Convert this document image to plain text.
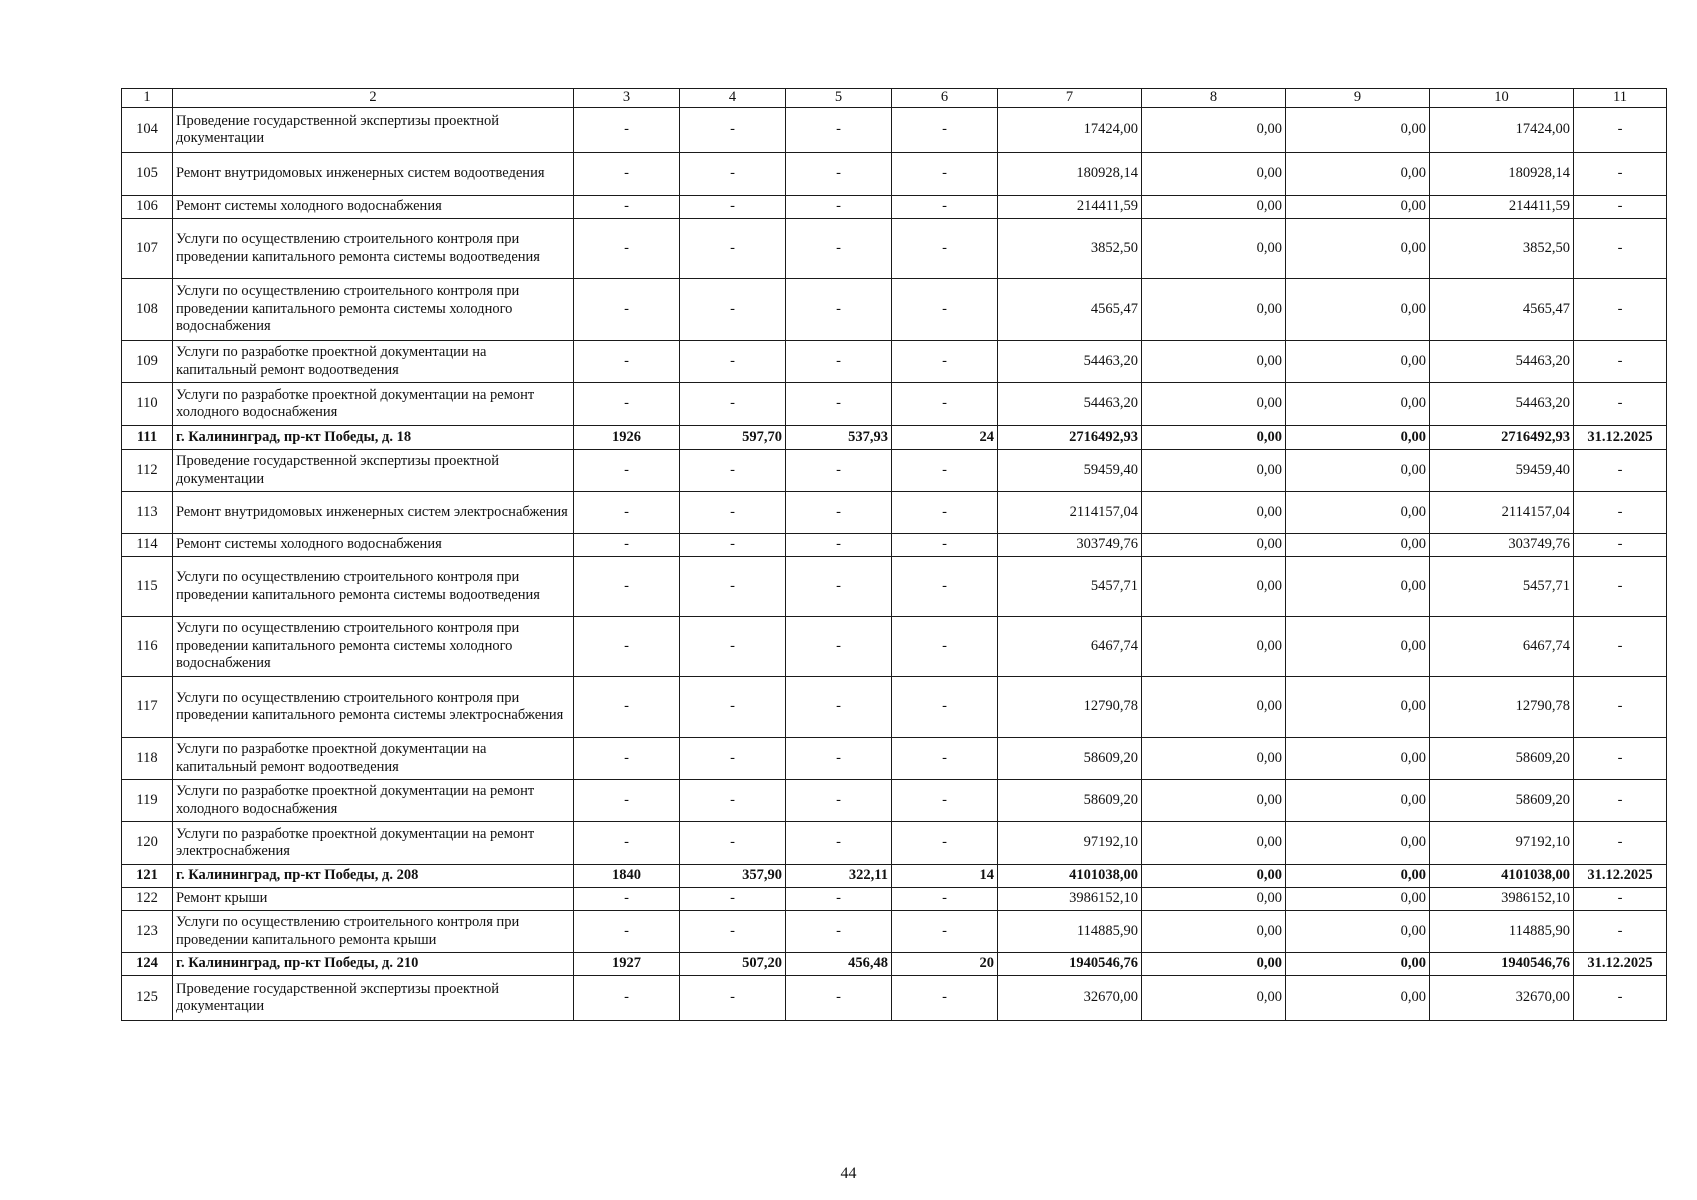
1	2	3	4	5	6	7	8	9	10	11
104	Проведение государственной экспертизы проектной документации	-	-	-	-	17424,00	0,00	0,00	17424,00	-
105	Ремонт внутридомовых инженерных систем водоотведения	-	-	-	-	180928,14	0,00	0,00	180928,14	-
106	Ремонт системы холодного водоснабжения	-	-	-	-	214411,59	0,00	0,00	214411,59	-
107	Услуги по осуществлению строительного контроля при проведении капитального ремонта системы водоотведения	-	-	-	-	3852,50	0,00	0,00	3852,50	-
108	Услуги по осуществлению строительного контроля при проведении капитального ремонта системы холодного водоснабжения	-	-	-	-	4565,47	0,00	0,00	4565,47	-
109	Услуги по разработке проектной документации на капитальный ремонт водоотведения	-	-	-	-	54463,20	0,00	0,00	54463,20	-
110	Услуги по разработке проектной документации на ремонт холодного водоснабжения	-	-	-	-	54463,20	0,00	0,00	54463,20	-
111	г. Калининград, пр-кт Победы, д. 18	1926	597,70	537,93	24	2716492,93	0,00	0,00	2716492,93	31.12.2025
112	Проведение государственной экспертизы проектной документации	-	-	-	-	59459,40	0,00	0,00	59459,40	-
113	Ремонт внутридомовых инженерных систем электроснабжения	-	-	-	-	2114157,04	0,00	0,00	2114157,04	-
114	Ремонт системы холодного водоснабжения	-	-	-	-	303749,76	0,00	0,00	303749,76	-
115	Услуги по осуществлению строительного контроля при проведении капитального ремонта системы водоотведения	-	-	-	-	5457,71	0,00	0,00	5457,71	-
116	Услуги по осуществлению строительного контроля при проведении капитального ремонта системы холодного водоснабжения	-	-	-	-	6467,74	0,00	0,00	6467,74	-
117	Услуги по осуществлению строительного контроля при проведении капитального ремонта системы электроснабжения	-	-	-	-	12790,78	0,00	0,00	12790,78	-
118	Услуги по разработке проектной документации на капитальный ремонт водоотведения	-	-	-	-	58609,20	0,00	0,00	58609,20	-
119	Услуги по разработке проектной документации на ремонт холодного водоснабжения	-	-	-	-	58609,20	0,00	0,00	58609,20	-
120	Услуги по разработке проектной документации на ремонт электроснабжения	-	-	-	-	97192,10	0,00	0,00	97192,10	-
121	г. Калининград, пр-кт Победы, д. 208	1840	357,90	322,11	14	4101038,00	0,00	0,00	4101038,00	31.12.2025
122	Ремонт крыши	-	-	-	-	3986152,10	0,00	0,00	3986152,10	-
123	Услуги по осуществлению строительного контроля при проведении капитального ремонта крыши	-	-	-	-	114885,90	0,00	0,00	114885,90	-
124	г. Калининград, пр-кт Победы, д. 210	1927	507,20	456,48	20	1940546,76	0,00	0,00	1940546,76	31.12.2025
125	Проведение государственной экспертизы проектной документации	-	-	-	-	32670,00	0,00	0,00	32670,00	-
44
